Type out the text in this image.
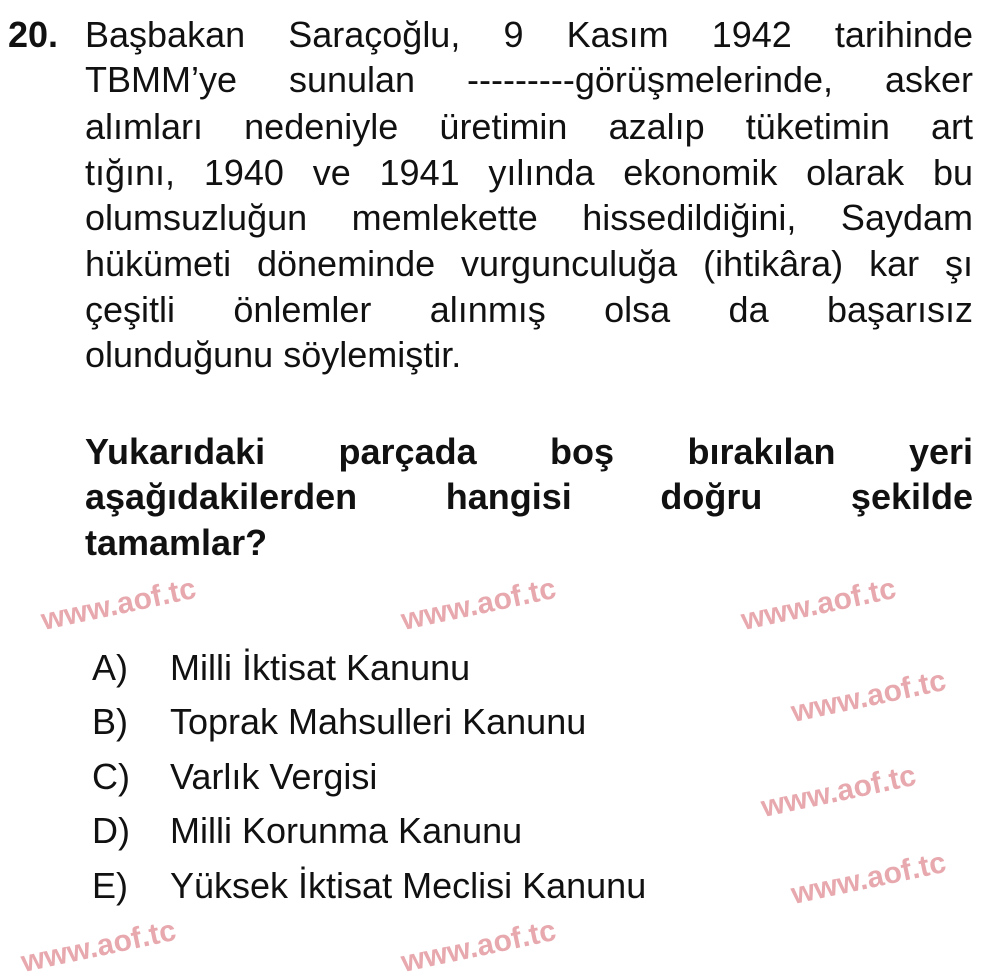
www.aof.tc	www.aof.tc	www.aof.tc
www.aof.tc
www.aof.tc
www.aof.tc
www.aof.tc	www.aof.tc
20. Başbakan Saraçoğlu, 9 Kasım 1942 tarihinde
TBMM’ye sunulan ---------görüşmelerinde, asker
alımları nedeniyle üretimin azalıp tüketimin art
tığını, 1940 ve 1941 yılında ekonomik olarak bu
olumsuzluğun memlekette hissedildiğini, Saydam
hükümeti döneminde vurgunculuğa (ihtikâra) kar şı
çeşitli önlemler alınmış olsa da başarısız
olunduğunu söylemiştir.
Yukarıdaki parçada boş bırakılan yeri
aşağıdakilerden hangisi doğru şekilde
tamamlar?
A) Milli İktisat Kanunu
B) Toprak Mahsulleri Kanunu
C) Varlık Vergisi
D) Milli Korunma Kanunu
E) Yüksek İktisat Meclisi Kanunu
